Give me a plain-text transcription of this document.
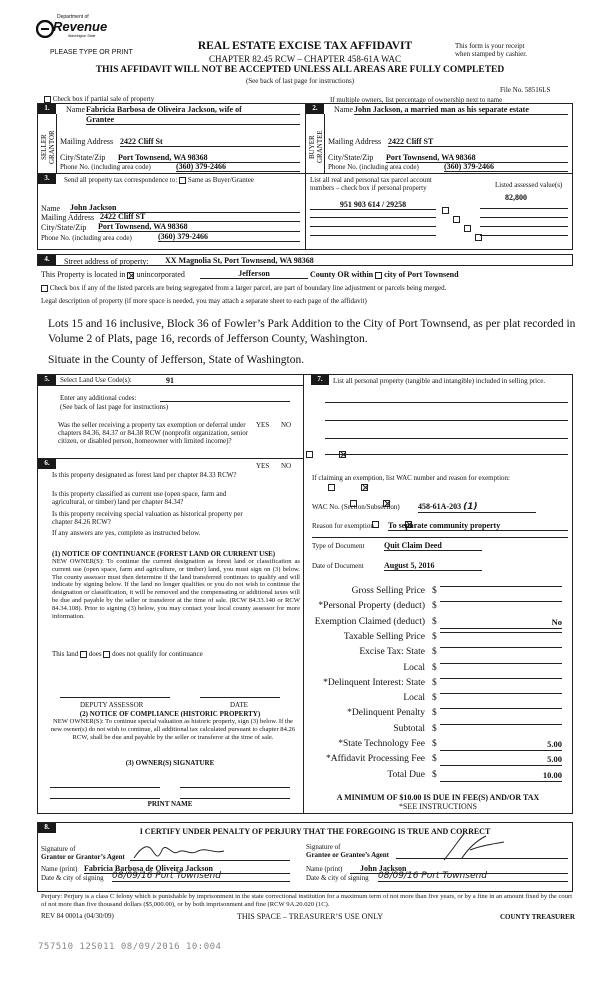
Department of
Revenue
Washington State
PLEASE TYPE OR PRINT
REAL ESTATE EXCISE TAX AFFIDAVIT
CHAPTER 82.45 RCW – CHAPTER 458-61A WAC
THIS AFFIDAVIT WILL NOT BE ACCEPTED UNLESS ALL AREAS ARE FULLY COMPLETED
(See back of last page for instructions)
This form is your receipt
when stamped by cashier.
File No. 58516LS
Check box if partial sale of property	If multiple owners, list percentage of ownership next to name
1.
SELLER GRANTOR
Name Fabricia Barbosa de Oliveira Jackson, wife of
Grantee
Mailing Address 2422 Cliff St
City/State/Zip Port Townsend, WA 98368
Phone No. (including area code)	(360) 379-2466
2.
BUYER GRANTEE
Name John Jackson, a married man as his separate estate
Mailing Address 2422 Cliff ST
City/State/Zip Port Townsend, WA 98368
Phone No. (including area code)	(360) 379-2466
3.	Send all property tax correspondence to: Same as Buyer/Grantee
Name John Jackson
Mailing Address 2422 Cliff ST
City/State/Zip Port Townsend, WA 98368
Phone No. (including area code)	(360) 379-2466
List all real and personal tax parcel account
numbers – check box if personal property	Listed assessed value(s)
951 903 614 / 29258

82,800

4.	Street address of property: XX Magnolia St, Port Townsend, WA 98368
This Property is located in unincorporated	Jefferson	County OR within city of Port Townsend
Check box if any of the listed parcels are being segregated from a larger parcel, are part of boundary line adjustment or parcels being merged.
Legal description of property (if more space is needed, you may attach a separate sheet to each page of the affidavit)
Lots 15 and 16 inclusive, Block 36 of Fowler’s Park Addition to the City of Port Townsend, as per plat recorded in
Volume 2 of Plats, page 16, records of Jefferson County, Washington.
Situate in the County of Jefferson, State of Washington.
5.	Select Land Use Code(s):	91
Enter any additional codes:
(See back of last page for instructions)
Was the seller receiving a property tax exemption or deferral under chapters 84.36, 84.37 or 84.38 RCW (nonprofit organization, senior citizen, or disabled person, homeowner with limited income)?
YES NO

6.	YES NO
Is this property designated as forest land per chapter 84.33 RCW?

Is this property classified as current use (open space, farm and agricultural, or timber) land per chapter 84.34?

Is this property receiving special valuation as historical property per chapter 84.26 RCW?

If any answers are yes, complete as instructed below.
(1) NOTICE OF CONTINUANCE (FOREST LAND OR CURRENT USE)
NEW OWNER(S): To continue the current designation as forest land or classification as current use (open space, farm and agriculture, or timber) land, you must sign on (3) below. The county assessor must then determine if the land transferred continues to qualify and will indicate by signing below. If the land no longer qualifies or you do not wish to continue the designation or classification, it will be removed and the compensating or additional taxes will be due and payable by the seller or transferor at the time of sale. (RCW 84.33.140 or RCW 84.34.108). Prior to signing (3) below, you may contact your local county assessor for more information.
This land does does not qualify for continuance
DEPUTY ASSESSOR	DATE
(2) NOTICE OF COMPLIANCE (HISTORIC PROPERTY)
NEW OWNER(S): To continue special valuation as historic property, sign (3) below. If the new owner(s) do not wish to continue, all additional tax calculated pursuant to chapter 84.26 RCW, shall be due and payable by the seller or transferor at the time of sale.
(3) OWNER(S) SIGNATURE
PRINT NAME
7.	List all personal property (tangible and intangible) included in selling price.
If claiming an exemption, list WAC number and reason for exemption:
WAC No. (Section/Subsection) 458-61A-203 (1)
Reason for exemption To separate community property
Type of Document Quit Claim Deed
Date of Document	August 5, 2016
Gross Selling Price $
*Personal Property (deduct) $
Exemption Claimed (deduct) $	No
Taxable Selling Price $
Excise Tax: State $
Local $
*Delinquent Interest: State $
Local $
*Delinquent Penalty $
Subtotal $
*State Technology Fee $	5.00
*Affidavit Processing Fee $	5.00
Total Due $	10.00
A MINIMUM OF $10.00 IS DUE IN FEE(S) AND/OR TAX
*SEE INSTRUCTIONS
8.	I CERTIFY UNDER PENALTY OF PERJURY THAT THE FOREGOING IS TRUE AND CORRECT
Signature of
Grantor or Grantor’s Agent
Name (print) Fabricia Barbosa de Oliveira Jackson
Date & city of signing 08/09/16 Port Townsend
Signature of
Grantee or Grantee’s Agent
Name (print)	John Jackson
Date & city of signing 08/09/16 Port Townsend
Perjury: Perjury is a class C felony which is punishable by imprisonment in the state correctional institution for a maximum term of not more than five years, or by a fine in an amount fixed by the court of not more than five thousand dollars ($5,000.00), or by both imprisonment and fine (RCW 9A.20.020 (1C).
REV 84 0001a (04/30/09)	THIS SPACE – TREASURER’S USE ONLY	COUNTY TREASURER
757510 12S011 08/09/2016 10:004
